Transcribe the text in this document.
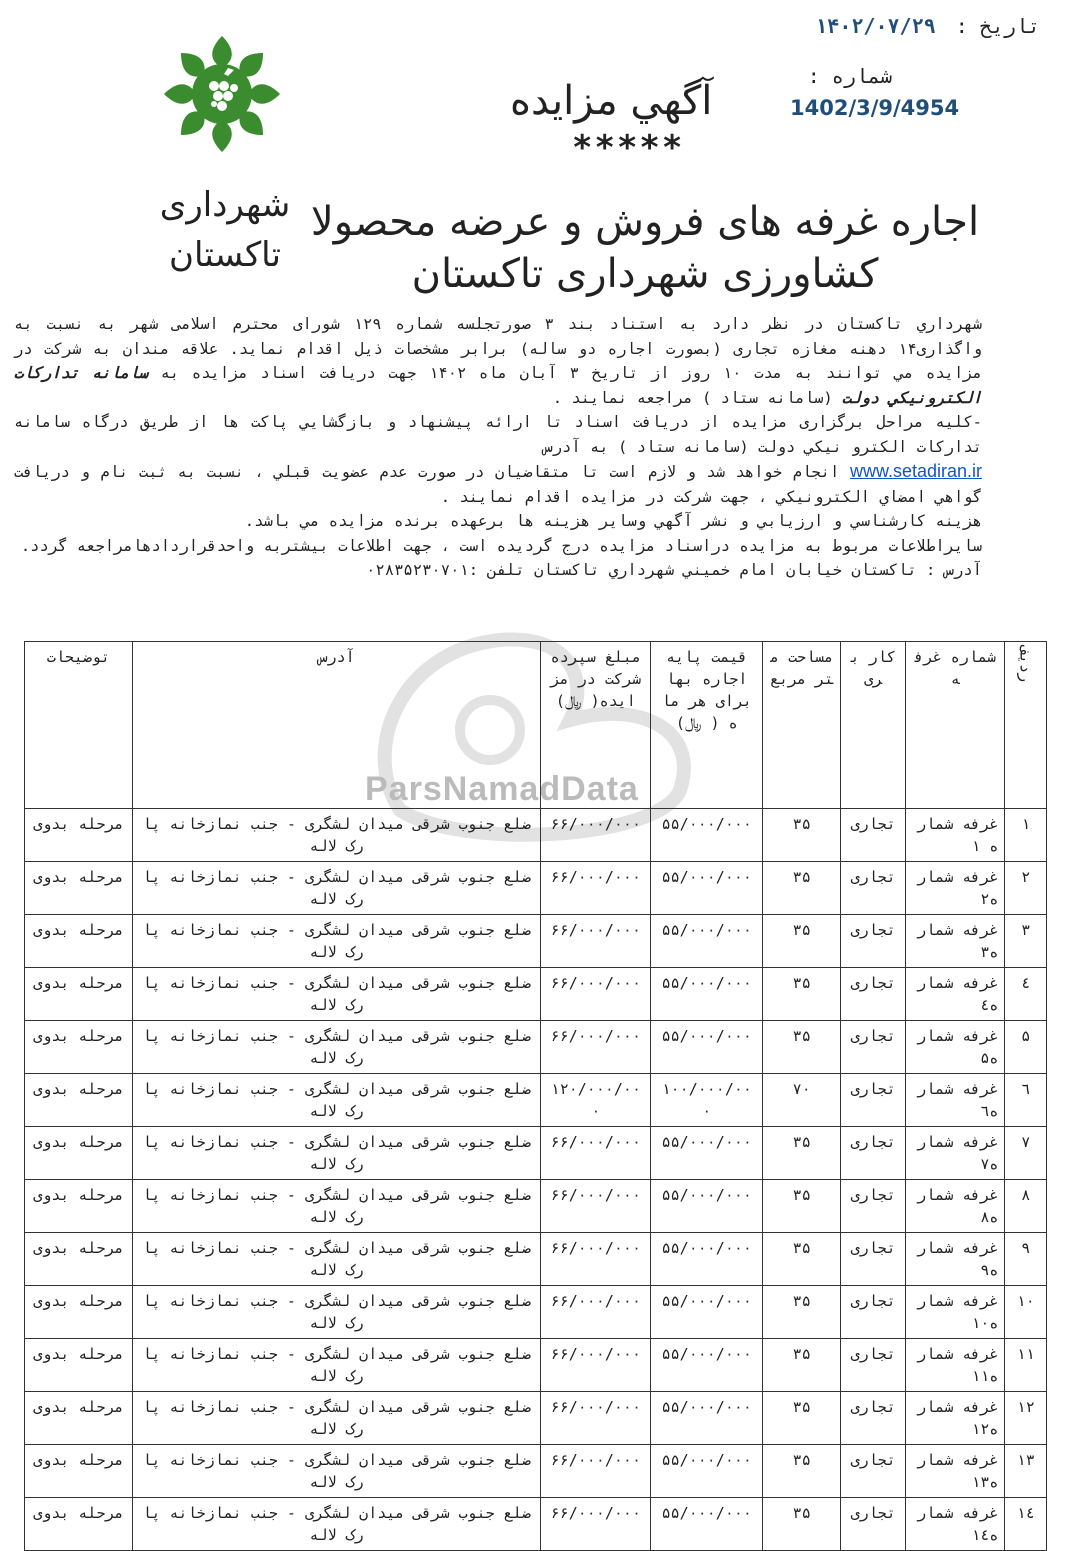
تاریخ : ۱۴۰۲/۰۷/۲۹
شماره :
1402/3/9/4954
آگهي مزايده
*****
شهرداری
تاکستان
اجاره غرفه های فروش و عرضه محصولا
کشاورزی شهرداری تاکستان

شهرداري تاكستان در نظر دارد به استناد بند ۳ صورتجلسه شماره ۱۲۹ شورای محترم اسلامی شهر به نسبت به واگذاری۱۴ دهنه مغازه تجاری (بصورت اجاره دو ساله) برابر مشخصات ذيل اقدام نمايد. علاقه مندان به شركت در مزايده مي توانند به مدت ۱۰ روز از تاريخ ۳ آبان ماه ۱۴۰۲ جهت دريافت اسناد مزايده به سامانه تداركات الكترونيكي دولت (سامانه ستاد ) مراجعه نمايند .

-كليه مراحل برگزاری مزايده از دريافت اسناد تا ارائه پيشنهاد و بازگشايي پاكت ها از طريق درگاه سامانه تداركات الكترو نيكي دولت (سامانه ستاد ) به آدرس

www.setadiran.ir انجام خواهد شد و لازم است تا متقاضيان در صورت عدم عضويت قبلي ، نسبت به ثبت نام و دريافت گواهي امضاي الكترونيكي ، جهت شركت در مزايده اقدام نمايند .

هزينه كارشناسي و ارزيابي و نشر آگهي وساير هزينه ها برعهده برنده مزايده مي باشد.

سايراطلاعات مربوط به مزايده دراسناد مزايده درج گرديده است ، جهت اطلاعات بيشتربه واحدقراردادهامراجعه گردد.

آدرس : تاكستان خيابان امام خميني شهرداري تاكستان تلفن :۰۲۸۳۵۲۳۰۷۰۱

ParsNamadData
ردیف	شماره غرفه	کار بری	مساحت متر مربع	قیمت پایه اجاره بها برای هر ماه ( ﷼)	مبلغ سپرده شرکت در مزایده( ﷼)	آدرس	توضیحات
۱	غرفه شماره ۱	تجاری	۳۵	۵۵/۰۰۰/۰۰۰	۶۶/۰۰۰/۰۰۰	ضلع جنوب شرقی میدان لشگری - جنب نمازخانه پارک لاله	مرحله بدوی
۲	غرفه شماره۲	تجاری	۳۵	۵۵/۰۰۰/۰۰۰	۶۶/۰۰۰/۰۰۰	ضلع جنوب شرقی میدان لشگری - جنب نمازخانه پارک لاله	مرحله بدوی
۳	غرفه شماره۳	تجاری	۳۵	۵۵/۰۰۰/۰۰۰	۶۶/۰۰۰/۰۰۰	ضلع جنوب شرقی میدان لشگری - جنب نمازخانه پارک لاله	مرحله بدوی
٤	غرفه شماره٤	تجاری	۳۵	۵۵/۰۰۰/۰۰۰	۶۶/۰۰۰/۰۰۰	ضلع جنوب شرقی میدان لشگری - جنب نمازخانه پارک لاله	مرحله بدوی
۵	غرفه شماره۵	تجاری	۳۵	۵۵/۰۰۰/۰۰۰	۶۶/۰۰۰/۰۰۰	ضلع جنوب شرقی میدان لشگری - جنب نمازخانه پارک لاله	مرحله بدوی
٦	غرفه شماره٦	تجاری	۷۰	۱۰۰/۰۰۰/۰۰۰	۱۲۰/۰۰۰/۰۰۰	ضلع جنوب شرقی میدان لشگری - جنب نمازخانه پارک لاله	مرحله بدوی
۷	غرفه شماره۷	تجاری	۳۵	۵۵/۰۰۰/۰۰۰	۶۶/۰۰۰/۰۰۰	ضلع جنوب شرقی میدان لشگری - جنب نمازخانه پارک لاله	مرحله بدوی
۸	غرفه شماره۸	تجاری	۳۵	۵۵/۰۰۰/۰۰۰	۶۶/۰۰۰/۰۰۰	ضلع جنوب شرقی میدان لشگری - جنب نمازخانه پارک لاله	مرحله بدوی
۹	غرفه شماره۹	تجاری	۳۵	۵۵/۰۰۰/۰۰۰	۶۶/۰۰۰/۰۰۰	ضلع جنوب شرقی میدان لشگری - جنب نمازخانه پارک لاله	مرحله بدوی
۱۰	غرفه شماره۱۰	تجاری	۳۵	۵۵/۰۰۰/۰۰۰	۶۶/۰۰۰/۰۰۰	ضلع جنوب شرقی میدان لشگری - جنب نمازخانه پارک لاله	مرحله بدوی
۱۱	غرفه شماره۱۱	تجاری	۳۵	۵۵/۰۰۰/۰۰۰	۶۶/۰۰۰/۰۰۰	ضلع جنوب شرقی میدان لشگری - جنب نمازخانه پارک لاله	مرحله بدوی
۱۲	غرفه شماره۱۲	تجاری	۳۵	۵۵/۰۰۰/۰۰۰	۶۶/۰۰۰/۰۰۰	ضلع جنوب شرقی میدان لشگری - جنب نمازخانه پارک لاله	مرحله بدوی
۱۳	غرفه شماره۱۳	تجاری	۳۵	۵۵/۰۰۰/۰۰۰	۶۶/۰۰۰/۰۰۰	ضلع جنوب شرقی میدان لشگری - جنب نمازخانه پارک لاله	مرحله بدوی
۱٤	غرفه شماره۱٤	تجاری	۳۵	۵۵/۰۰۰/۰۰۰	۶۶/۰۰۰/۰۰۰	ضلع جنوب شرقی میدان لشگری - جنب نمازخانه پارک لاله	مرحله بدوی
